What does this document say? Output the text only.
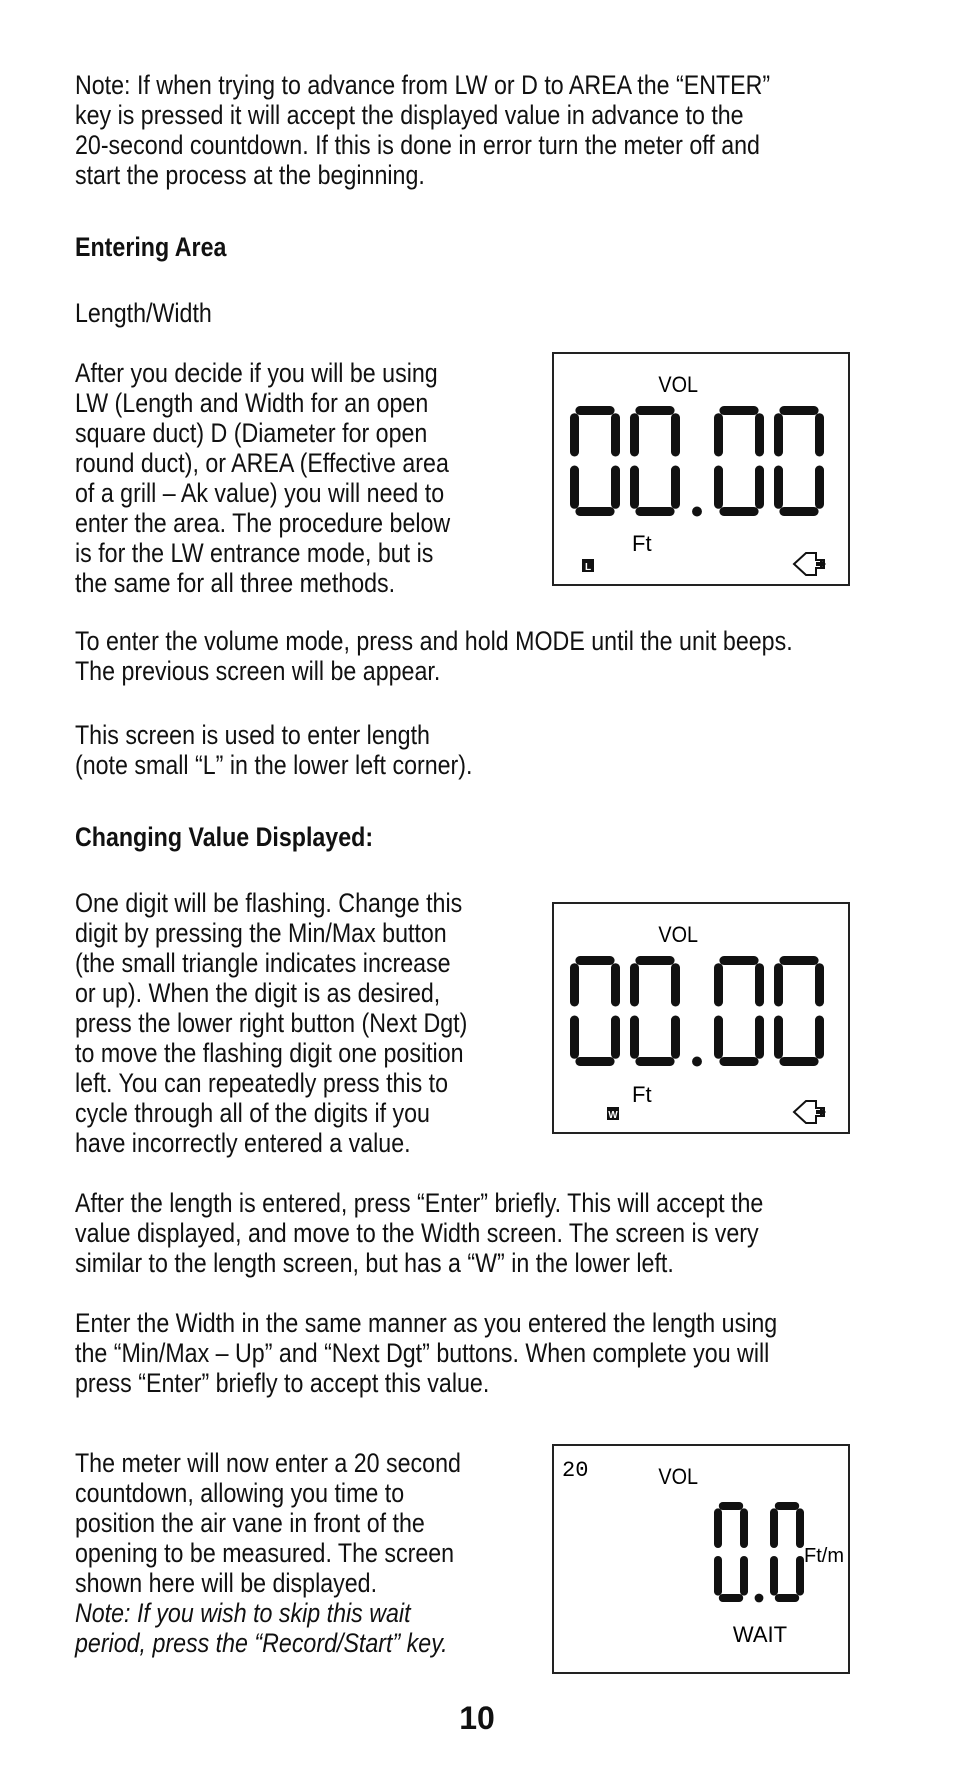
Note: If when trying to advance from LW or D to AREA the “ENTER”
key is pressed it will accept the displayed value in advance to the
20-second countdown. If this is done in error turn the meter off and
start the process at the beginning.

Entering Area

Length/Width

After you decide if you will be using
LW (Length and Width for an open
square duct) D (Diameter for open
round duct), or AREA (Effective area
of a grill – Ak value) you will need to
enter the area. The procedure below
is for the LW entrance mode, but is
the same for all three methods.

VOL
Ft
L

To enter the volume mode, press and hold MODE until the unit beeps.
The previous screen will be appear.

This screen is used to enter length
(note small “L” in the lower left corner).

Changing Value Displayed:

One digit will be flashing. Change this
digit by pressing the Min/Max button
(the small triangle indicates increase
or up). When the digit is as desired,
press the lower right button (Next Dgt)
to move the flashing digit one position
left. You can repeatedly press this to
cycle through all of the digits if you
have incorrectly entered a value.

VOL
Ft
W

After the length is entered, press “Enter” briefly. This will accept the
value displayed, and move to the Width screen. The screen is very
similar to the length screen, but has a “W” in the lower left.

Enter the Width in the same manner as you entered the length using
the “Min/Max – Up” and “Next Dgt” buttons. When complete you will
press “Enter” briefly to accept this value.

The meter will now enter a 20 second
countdown, allowing you time to
position the air vane in front of the
opening to be measured. The screen
shown here will be displayed.

Note: If you wish to skip this wait
period, press the “Record/Start” key.

20	VOL
Ft/m
WAIT
10
